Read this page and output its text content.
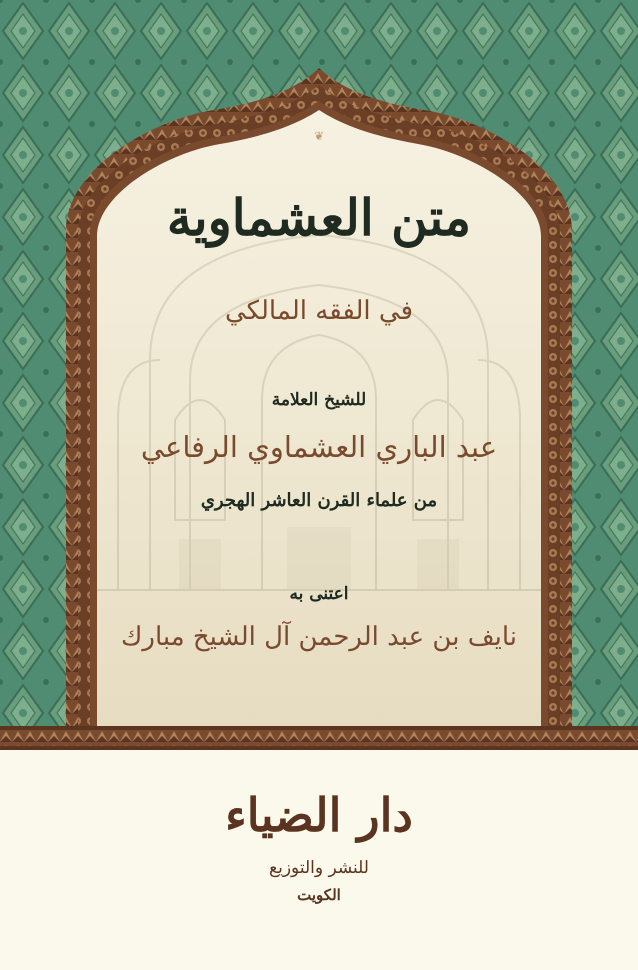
❦
متن العشماوية
في الفقه المالكي
للشيخ العلامة
عبد الباري العشماوي الرفاعي
من علماء القرن العاشر الهجري
اعتنى به
نايف بن عبد الرحمن آل الشيخ مبارك
دار الضياء
للنشر والتوزيع
الكويت
